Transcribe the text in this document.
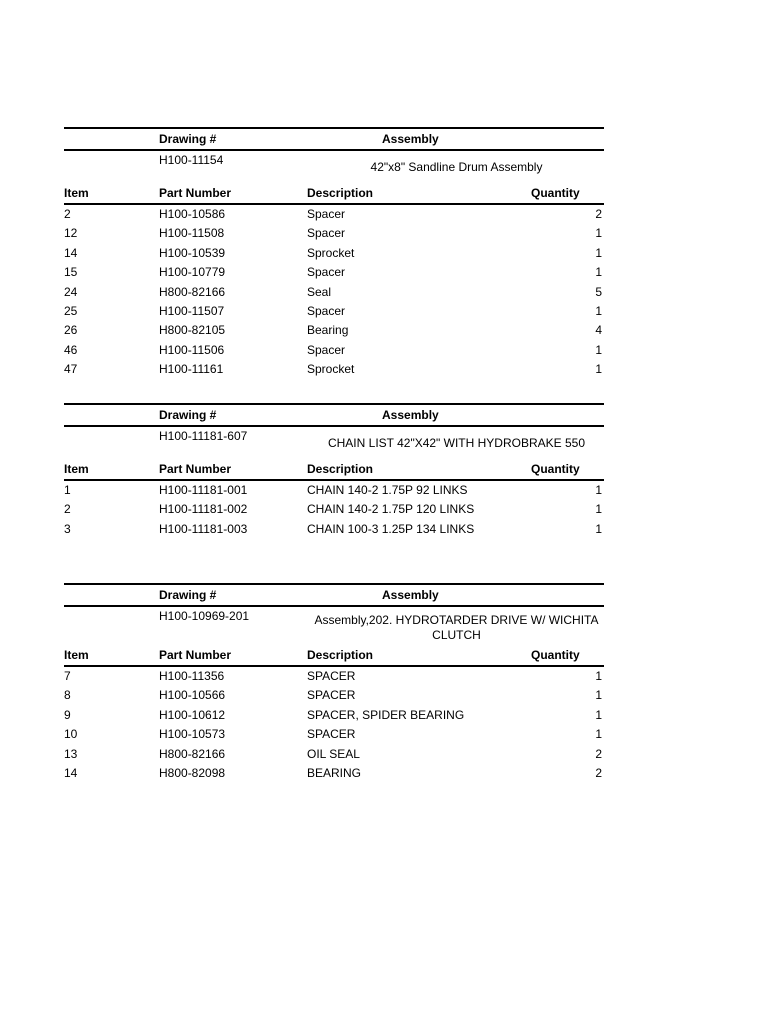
Drawing #	Assembly
H100-11154	42"x8" Sandline Drum Assembly
Item	Part Number	Description	Quantity
2	H100-10586	Spacer	2
12	H100-11508	Spacer	1
14	H100-10539	Sprocket	1
15	H100-10779	Spacer	1
24	H800-82166	Seal	5
25	H100-11507	Spacer	1
26	H800-82105	Bearing	4
46	H100-11506	Spacer	1
47	H100-11161	Sprocket	1
Drawing #	Assembly
H100-11181-607	CHAIN LIST 42"X42" WITH HYDROBRAKE 550
Item	Part Number	Description	Quantity
1	H100-11181-001	CHAIN 140-2 1.75P 92 LINKS	1
2	H100-11181-002	CHAIN 140-2 1.75P 120 LINKS	1
3	H100-11181-003	CHAIN 100-3 1.25P 134 LINKS	1
Drawing #	Assembly
H100-10969-201	Assembly,202. HYDROTARDER DRIVE W/ WICHITA CLUTCH
Item	Part Number	Description	Quantity
7	H100-11356	SPACER	1
8	H100-10566	SPACER	1
9	H100-10612	SPACER, SPIDER BEARING	1
10	H100-10573	SPACER	1
13	H800-82166	OIL SEAL	2
14	H800-82098	BEARING	2
